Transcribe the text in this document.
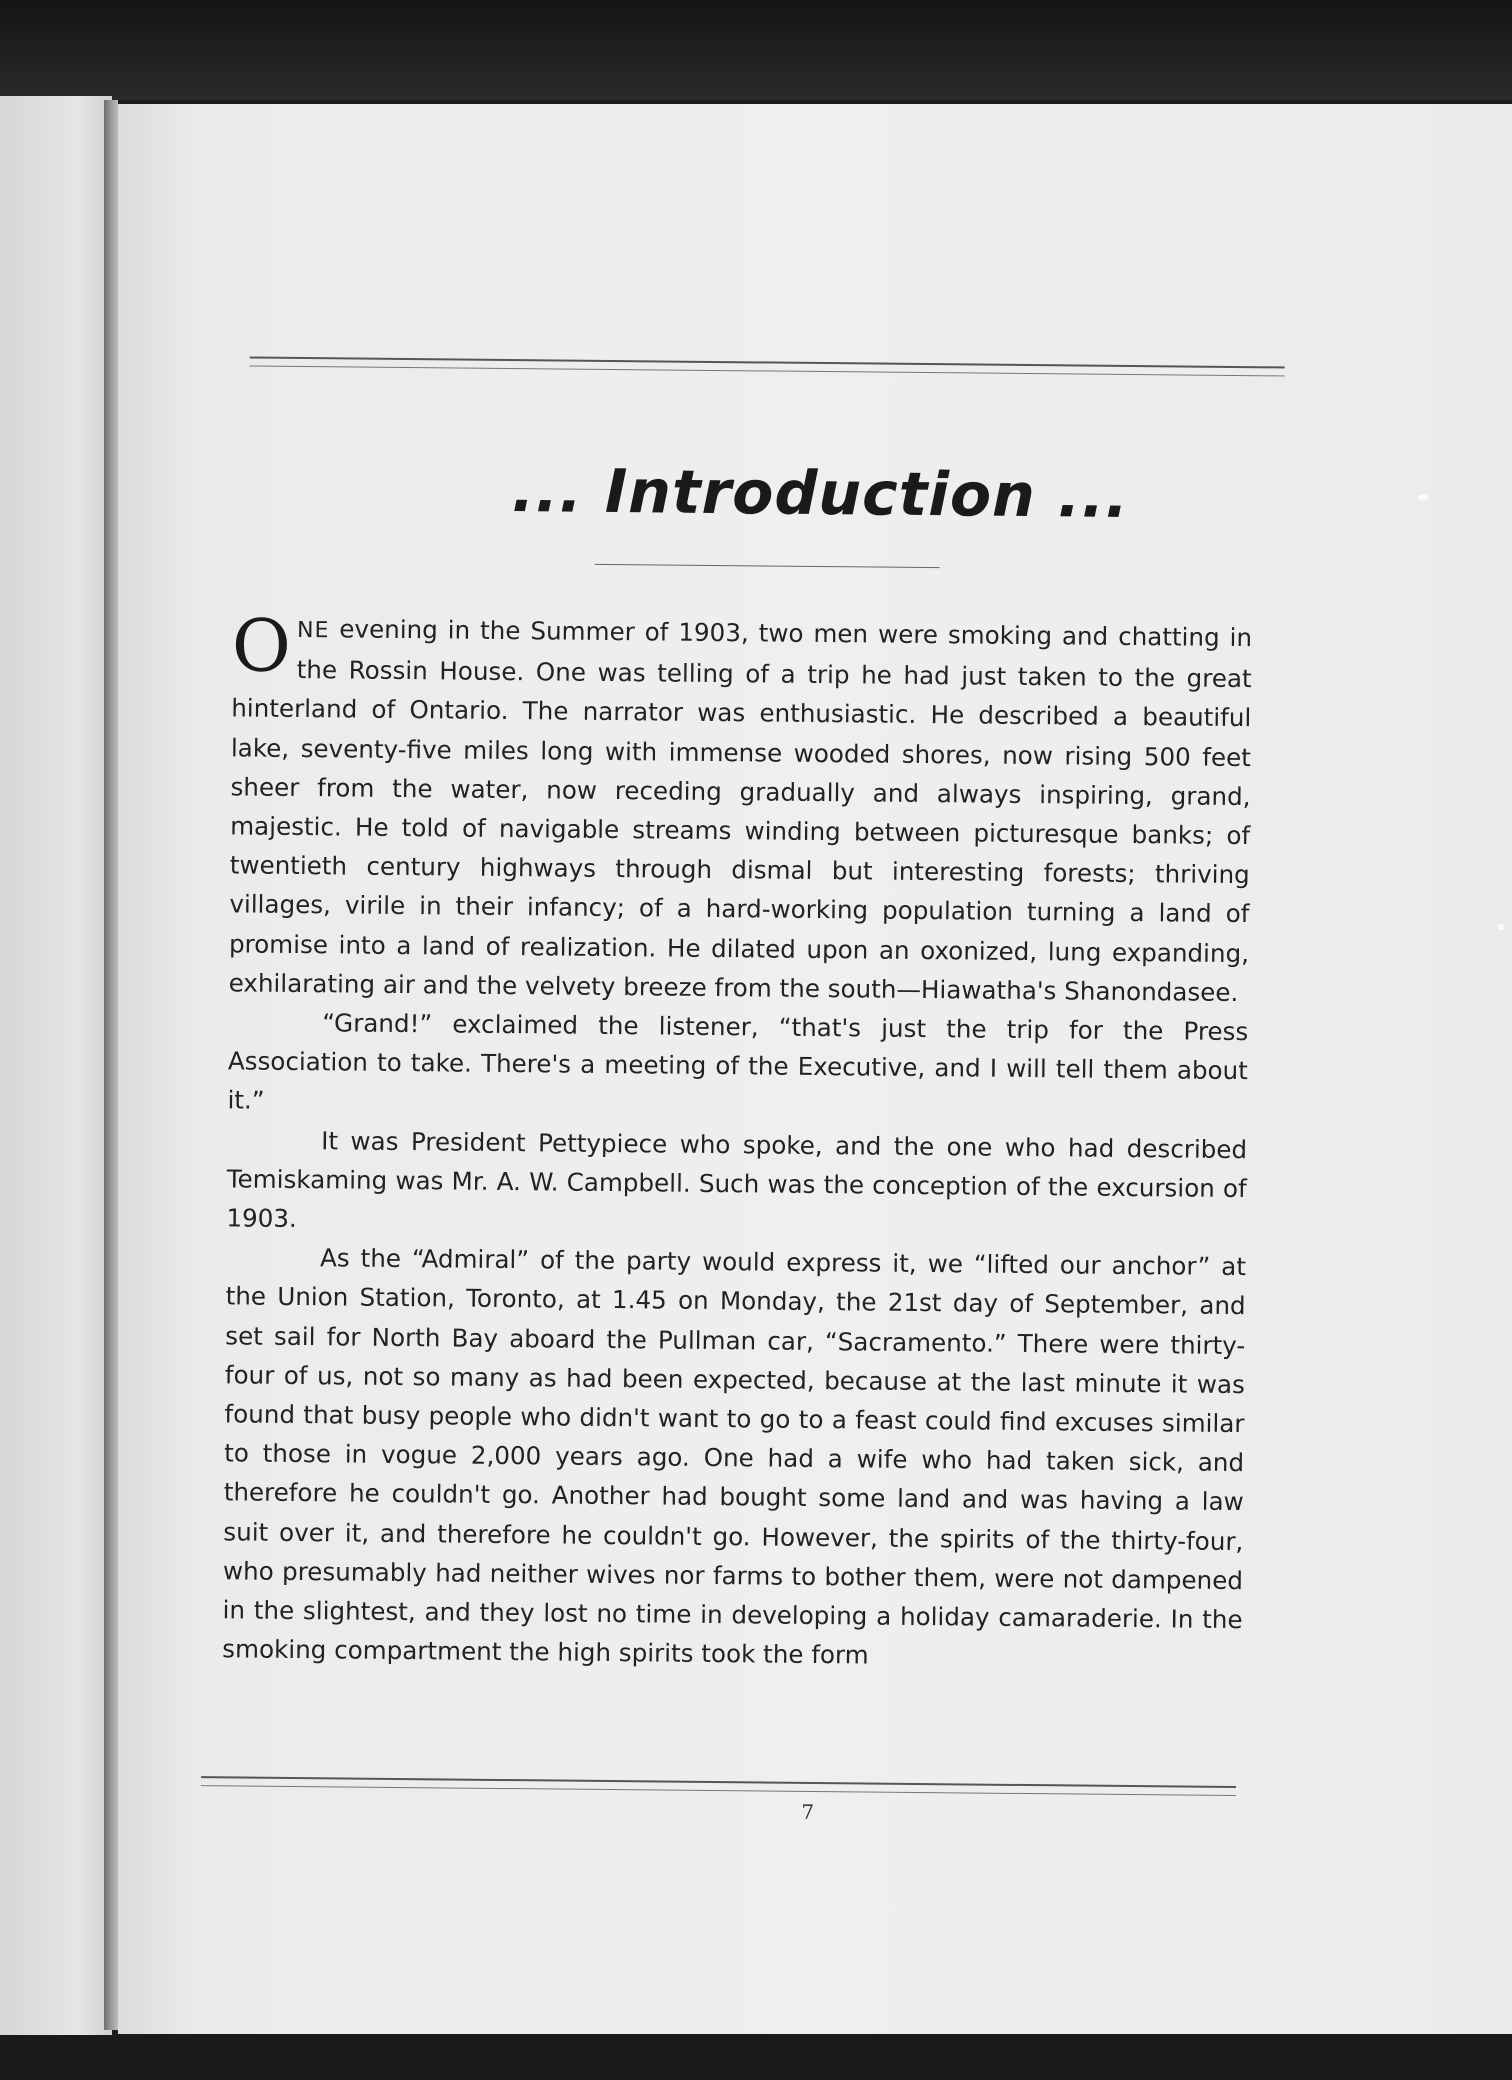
... Introduction ...

ONE evening in the Summer of 1903, two men were smoking and chatting in the Rossin House. One was telling of a trip he had just taken to the great hinterland of Ontario. The narrator was enthusiastic. He described a beautiful lake, seventy-five miles long with immense wooded shores, now rising 500 feet sheer from the water, now receding gradually and always inspiring, grand, majestic. He told of navigable streams winding between picturesque banks; of twentieth century highways through dismal but interesting forests; thriving villages, virile in their infancy; of a hard-working population turning a land of promise into a land of realization. He dilated upon an oxonized, lung expanding, exhilarating air and the velvety breeze from the south—Hiawatha's Shanondasee.

“Grand!” exclaimed the listener, “that's just the trip for the Press Association to take. There's a meeting of the Executive, and I will tell them about it.”

It was President Pettypiece who spoke, and the one who had described Temiskaming was Mr. A. W. Campbell. Such was the conception of the excursion of 1903.

As the “Admiral” of the party would express it, we “lifted our anchor” at the Union Station, Toronto, at 1.45 on Monday, the 21st day of September, and set sail for North Bay aboard the Pullman car, “Sacramento.” There were thirty-four of us, not so many as had been expected, because at the last minute it was found that busy people who didn't want to go to a feast could find excuses similar to those in vogue 2,000 years ago. One had a wife who had taken sick, and therefore he couldn't go. Another had bought some land and was having a law suit over it, and therefore he couldn't go. However, the spirits of the thirty-four, who presumably had neither wives nor farms to bother them, were not dampened in the slightest, and they lost no time in developing a holiday camaraderie. In the smoking compartment the high spirits took the form

7
